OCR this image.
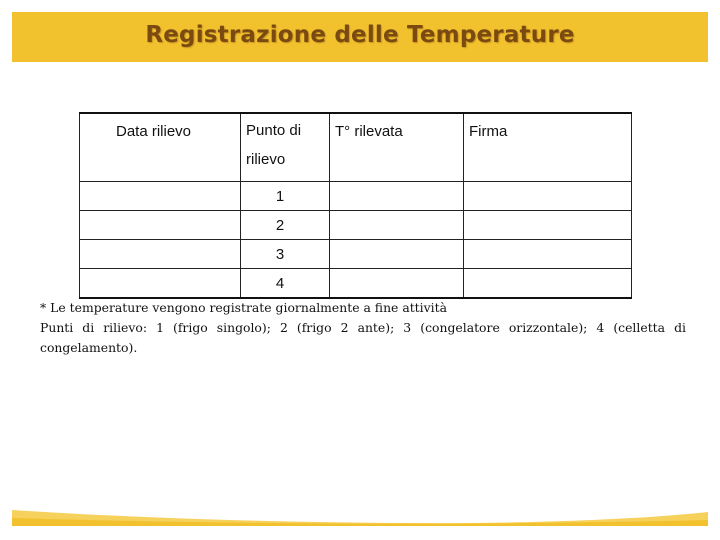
Registrazione delle Temperature
Data rilievo	Punto di rilievo	T° rilevata	Firma
	1		
	2		
	3		
	4		

* Le temperature vengono registrate giornalmente a fine attività

Punti di rilievo: 1 (frigo singolo); 2 (frigo 2 ante); 3 (congelatore orizzontale); 4 (celletta di congelamento).
